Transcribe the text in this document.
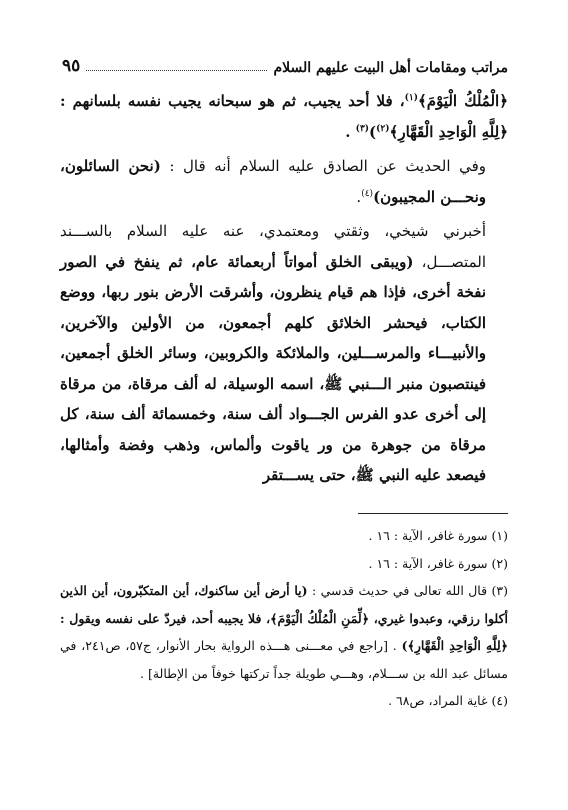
مراتب ومقامات أهل البيت عليهم السلام
٩٥

﴿الْمُلْكُ الْيَوْمَ﴾$^{(١)}$، فلا أحد يجيب، ثم هو سبحانه يجيب نفسه بلسانهم : ﴿لِلَّهِ الْوَاحِدِ الْقَهَّارِ﴾$^{(٢)}$)$^{(٣)}$ .

وفي الحديث عن الصادق عليه السلام أنه قال : (نحن السائلون، ونحـــن المجيبون)$^{(٤)}$.

أخبرني شيخي، وثقتي ومعتمدي، عنه عليه السلام بالســـند المتصـــل، (ويبقى الخلق أمواتاً أربعمائة عام، ثم ينفخ في الصور نفخة أخرى، فإذا هم قيام ينظرون، وأشرقت الأرض بنور ربها، ووضع الكتاب، فيحشر الخلائق كلهم أجمعون، من الأولين والآخرين، والأنبيـــاء والمرســـلين، والملائكة والكروبين، وسائر الخلق أجمعين، فينتصبون منبر الـــنبي ﷺ، اسمه الوسيلة، له ألف مرقاة، من مرقاة إلى أخرى عدو الفرس الجـــواد ألف سنة، وخمسمائة ألف سنة، كل مرقاة من جوهرة من ور ياقوت وألماس، وذهب وفضة وأمثالها، فيصعد عليه النبي ﷺ، حتى يســـتقر

(١) سورة غافر، الآية : ١٦ .

(٢) سورة غافر، الآية : ١٦ .

(٣) قال الله تعالى في حديث قدسي : (يا أرض أين ساكنوك، أين المتكبّرون، أين الذين أكلوا رزقي، وعبدوا غيري، ﴿لِّمَنِ الْمُلْكُ الْيَوْمَ﴾، فلا يجيبه أحد، فيردّ على نفسه ويقول : ﴿لِلَّهِ الْوَاحِدِ الْقَهَّارِ﴾) . [راجع في معـــنى هـــذه الرواية بحار الأنوار، ج٥٧، ص٢٤١، في مسائل عبد الله بن ســـلام، وهـــي طويلة جداً تركتها خوفاً من الإطالة] .

(٤) غاية المراد، ص٦٨ .
